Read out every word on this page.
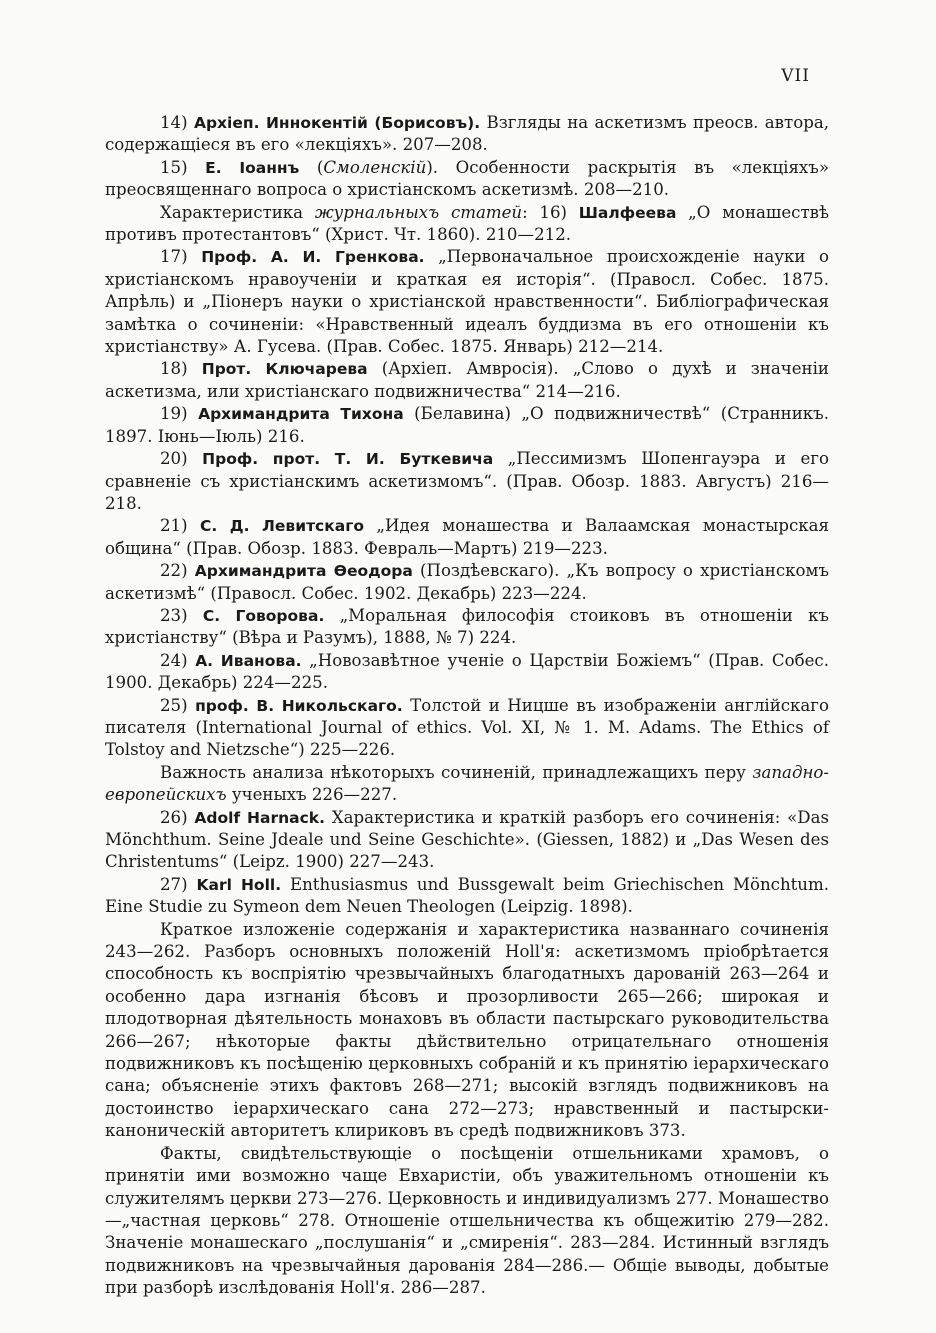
VII

14) Архіеп. Иннокентій (Борисовъ). Взгляды на аскетизмъ преосв. автора, содержащіеся въ его «лекціяхъ». 207—208.

15) Е. Іоаннъ (Смоленскій). Особенности раскрытія въ «лекціяхъ» преосвященнаго вопроса о христіанскомъ аскетизмѣ. 208—210.

Характеристика журнальныхъ статей: 16) Шалфеева „О монашествѣ противъ протестантовъ“ (Христ. Чт. 1860). 210—212.

17) Проф. А. И. Гренкова. „Первоначальное происхожденіе науки о христіанскомъ нравоученіи и краткая ея исторія“. (Правосл. Собес. 1875. Апрѣль) и „Піонеръ науки о христіанской нравственности“. Библіографическая замѣтка о сочиненіи: «Нравственный идеалъ буддизма въ его отношеніи къ христіанству» А. Гусева. (Прав. Собес. 1875. Январь) 212—214.

18) Прот. Ключарева (Архіеп. Амвросія). „Слово о духѣ и значеніи аскетизма, или христіанскаго подвижничества“ 214—216.

19) Архимандрита Тихона (Белавина) „О подвижничествѣ“ (Странникъ. 1897. Іюнь—Іюль) 216.

20) Проф. прот. Т. И. Буткевича „Пессимизмъ Шопенгауэра и его сравненіе съ христіанскимъ аскетизмомъ“. (Прав. Обозр. 1883. Августъ) 216—218.

21) С. Д. Левитскаго „Идея монашества и Валаамская монастырская община“ (Прав. Обозр. 1883. Февраль—Мартъ) 219—223.

22) Архимандрита Ѳеодора (Поздѣевскаго). „Къ вопросу о христіанскомъ аскетизмѣ“ (Правосл. Собес. 1902. Декабрь) 223—224.

23) С. Говорова. „Моральная философія стоиковъ въ отношеніи къ христіанству“ (Вѣра и Разумъ), 1888, № 7) 224.

24) А. Иванова. „Новозавѣтное ученіе о Царствіи Божіемъ“ (Прав. Собес. 1900. Декабрь) 224—225.

25) проф. В. Никольскаго. Толстой и Ницше въ изображеніи англійскаго писателя (International Journal of ethics. Vol. XI, № 1. M. Adams. The Ethics of Tolstoy and Nietzsche“) 225—226.

Важность анализа нѣкоторыхъ сочиненій, принадлежащихъ перу западно-европейскихъ ученыхъ 226—227.

26) Adolf Harnack. Характеристика и краткій разборъ его сочиненія: «Das Mönchthum. Seine Jdeale und Seine Geschichte». (Giessen, 1882) и „Das Wesen des Christentums“ (Leipz. 1900) 227—243.

27) Karl Holl. Enthusiasmus und Bussgewalt beim Griechischen Mönchtum. Eine Studie zu Symeon dem Neuen Theologen (Leipzig. 1898).

Краткое изложеніе содержанія и характеристика названнаго сочиненія 243—262. Разборъ основныхъ положеній Holl'я: аскетизмомъ пріобрѣтается способность къ воспріятію чрезвычайныхъ благодатныхъ дарованій 263—264 и особенно дара изгнанія бѣсовъ и прозорливости 265—266; широкая и плодотворная дѣятельность монаховъ въ области пастырскаго руководительства 266—267; нѣкоторые факты дѣйствительно отрицательнаго отношенія подвижниковъ къ посѣщенію церковныхъ собраній и къ принятію іерархическаго сана; объясненіе этихъ фактовъ 268—271; высокій взглядъ подвижниковъ на достоинство іерархическаго сана 272—273; нравственный и пастырски-каноническій авторитетъ клириковъ въ средѣ подвижниковъ 373.

Факты, свидѣтельствующіе о посѣщеніи отшельниками храмовъ, о принятіи ими возможно чаще Евхаристіи, объ уважительномъ отношеніи къ служителямъ церкви 273—276. Церковность и индивидуализмъ 277. Монашество—„частная церковь“ 278. Отношеніе отшельничества къ общежитію 279—282. Значеніе монашескаго „послушанія“ и „смиренія“. 283—284. Истинный взглядъ подвижниковъ на чрезвычайныя дарованія 284—286.— Общіе выводы, добытые при разборѣ изслѣдованія Holl'я. 286—287.
